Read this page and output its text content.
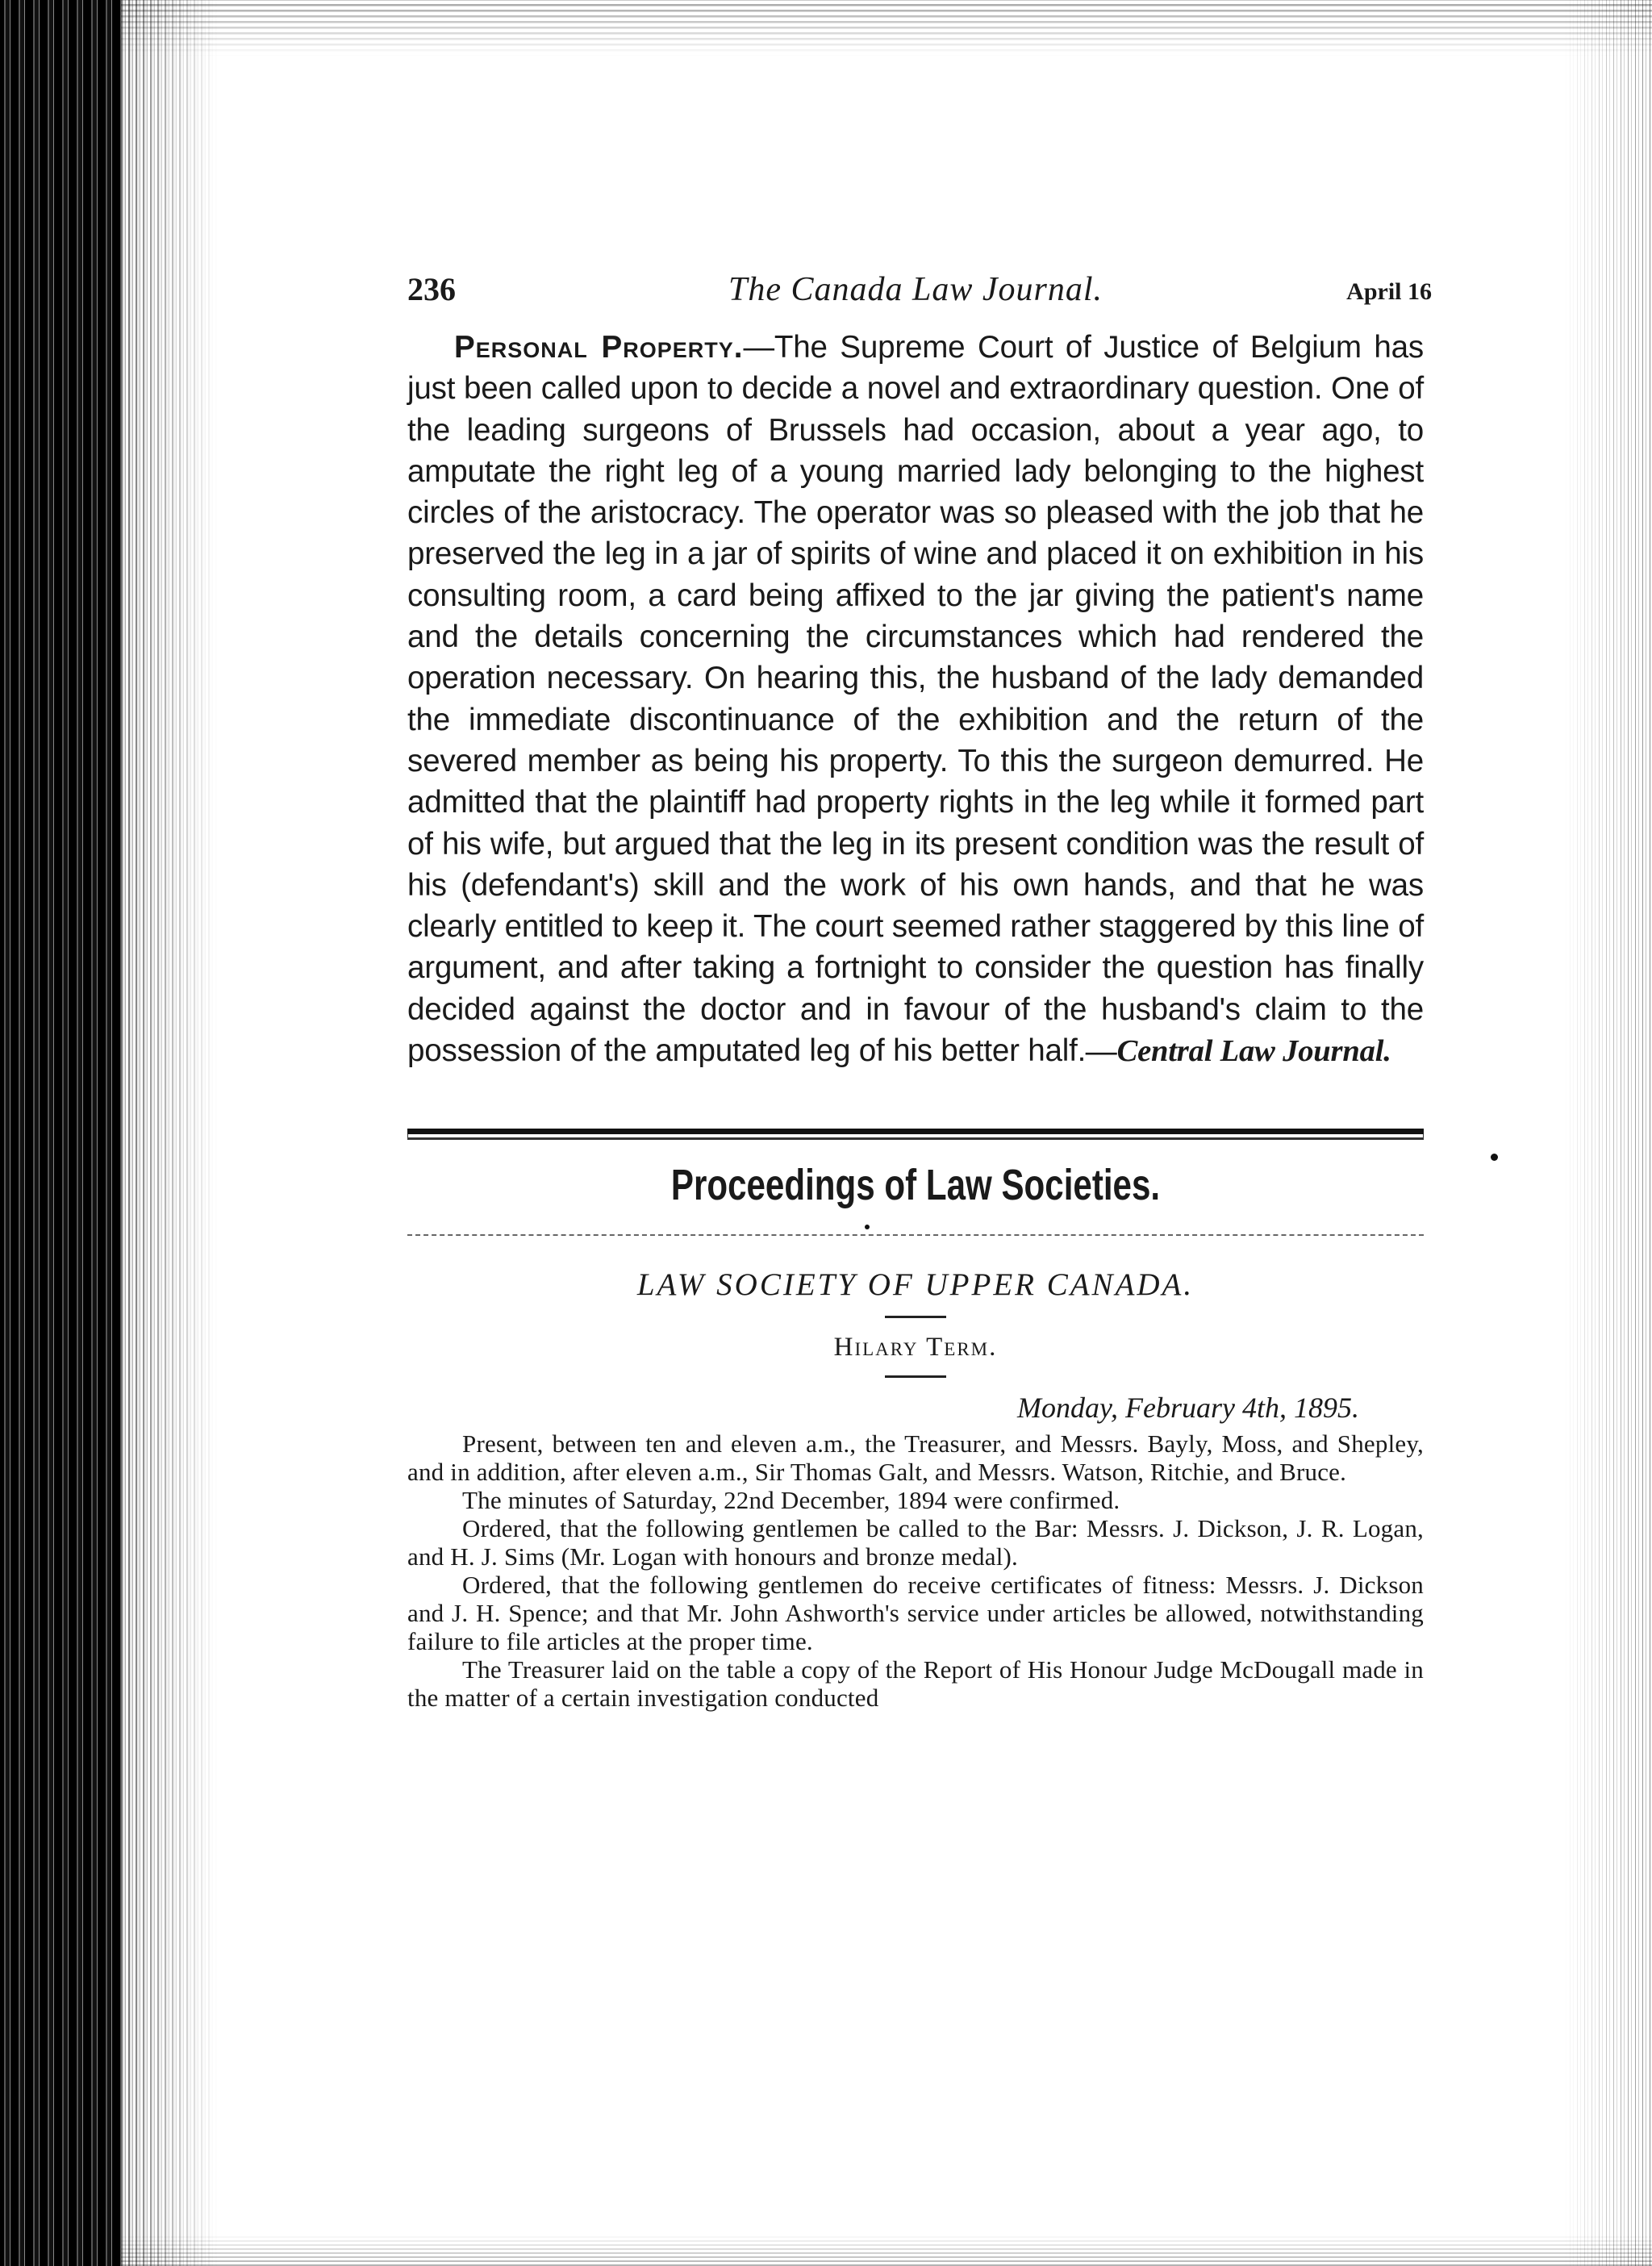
236	The Canada Law Journal.	April 16
Personal Property.—The Supreme Court of Justice of Belgium has just been called upon to decide a novel and extraordinary question. One of the leading surgeons of Brussels had occasion, about a year ago, to amputate the right leg of a young married lady belonging to the highest circles of the aristocracy. The operator was so pleased with the job that he preserved the leg in a jar of spirits of wine and placed it on exhibition in his consulting room, a card being affixed to the jar giving the patient's name and the details concerning the circumstances which had rendered the operation necessary. On hearing this, the husband of the lady demanded the immediate discontinuance of the exhibition and the return of the severed member as being his property. To this the surgeon demurred. He admitted that the plaintiff had property rights in the leg while it formed part of his wife, but argued that the leg in its present condition was the result of his (defendant's) skill and the work of his own hands, and that he was clearly entitled to keep it. The court seemed rather staggered by this line of argument, and after taking a fortnight to consider the question has finally decided against the doctor and in favour of the husband's claim to the possession of the amputated leg of his better half.—Central Law Journal.
Proceedings of Law Societies.
LAW SOCIETY OF UPPER CANADA.
Hilary Term.
Monday, February 4th, 1895.

Present, between ten and eleven a.m., the Treasurer, and Messrs. Bayly, Moss, and Shepley, and in addition, after eleven a.m., Sir Thomas Galt, and Messrs. Watson, Ritchie, and Bruce.

The minutes of Saturday, 22nd December, 1894 were confirmed.

Ordered, that the following gentlemen be called to the Bar: Messrs. J. Dickson, J. R. Logan, and H. J. Sims (Mr. Logan with honours and bronze medal).

Ordered, that the following gentlemen do receive certificates of fitness: Messrs. J. Dickson and J. H. Spence; and that Mr. John Ashworth's service under articles be allowed, notwithstanding failure to file articles at the proper time.

The Treasurer laid on the table a copy of the Report of His Honour Judge McDougall made in the matter of a certain investigation conducted
